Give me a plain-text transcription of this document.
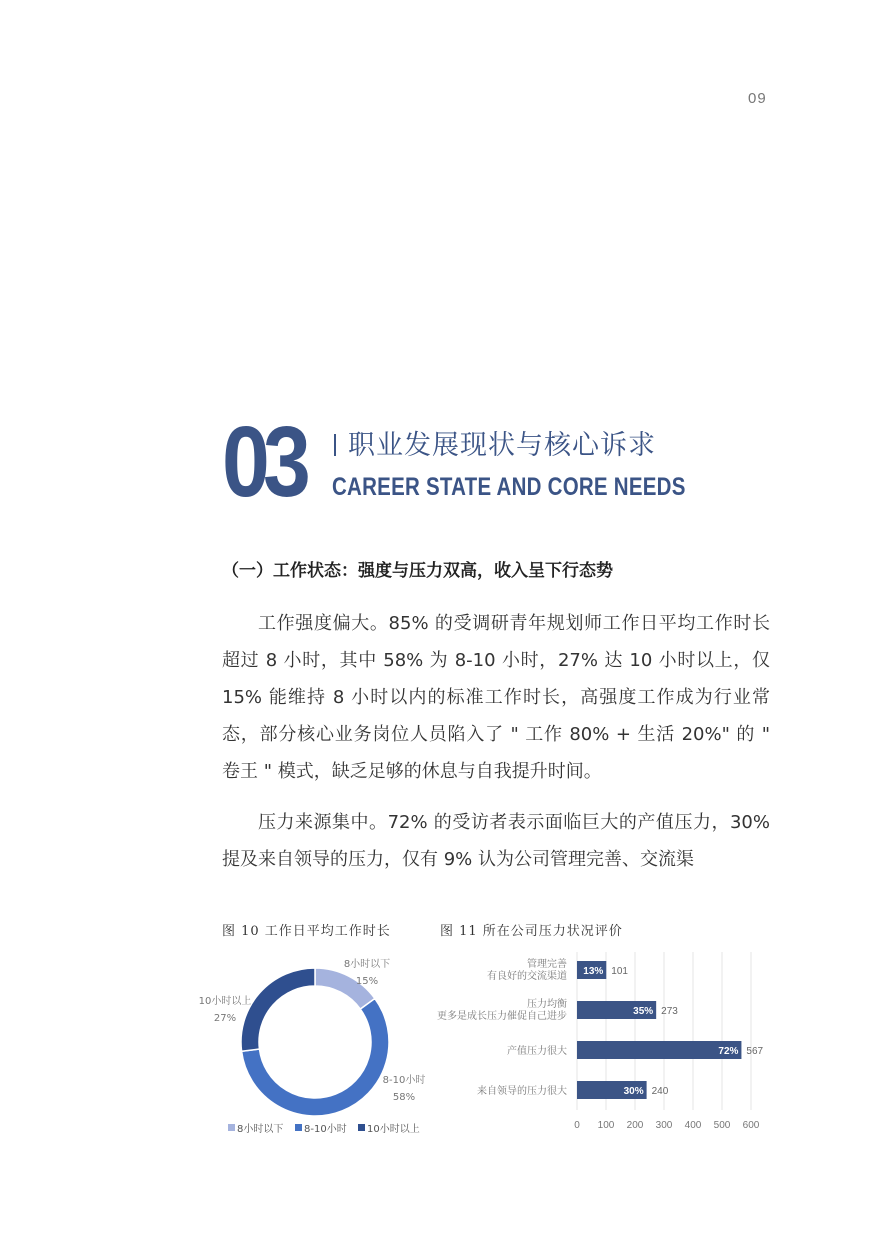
09
03	职业发展现状与核心诉求
CAREER STATE AND CORE NEEDS
（一）工作状态：强度与压力双高，收入呈下行态势

工作强度偏大。85% 的受调研青年规划师工作日平均工作时长超过 8 小时，其中 58% 为 8-10 小时，27% 达 10 小时以上，仅 15% 能维持 8 小时以内的标准工作时长，高强度工作成为行业常态，部分核心业务岗位人员陷入了 " 工作 80% + 生活 20%" 的 " 卷王 " 模式，缺乏足够的休息与自我提升时间。

压力来源集中。72% 的受访者表示面临巨大的产值压力，30% 提及来自领导的压力，仅有 9% 认为公司管理完善、交流渠

图 10 工作日平均工作时长	图 11 所在公司压力状况评价
8小时以下
15%
8-10小时
58%
10小时以上
27%
8小时以下 8-10小时 10小时以上	0 100 200 300 400 500 600
13% 101
管理完善
有良好的交流渠道
35% 273
压力均衡
更多是成长压力催促自己进步
72% 567
产值压力很大
30% 240
来自领导的压力很大
